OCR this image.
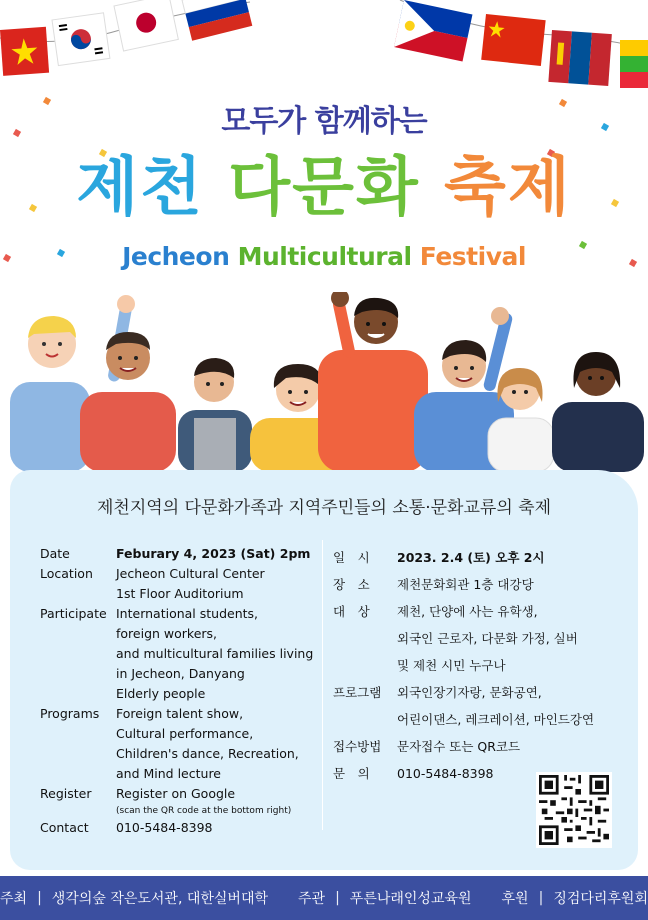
모두가 함께하는
제천 다문화 축제
Jecheon Multicultural Festival
제천지역의 다문화가족과 지역주민들의 소통·문화교류의 축제
Date	Feburary 4, 2023 (Sat) 2pm
Location	Jecheon Cultural Center
1st Floor Auditorium
Participate International students,
foreign workers,
and multicultural families living
in Jecheon, Danyang
Elderly people
Programs	Foreign talent show,
Cultural performance,
Children's dance, Recreation,
and Mind lecture
Register	Register on Google
(scan the QR code at the bottom right)
Contact	010-5484-8398
일　시	2023. 2.4 (토) 오후 2시
장　소	제천문화회관 1층 대강당
대　상	제천, 단양에 사는 유학생,
외국인 근로자, 다문화 가정, 실버
및 제천 시민 누구나
프로그램	외국인장기자랑, 문화공연,
어린이댄스, 레크레이션, 마인드강연
접수방법	문자접수 또는 QR코드
문　의	010-5484-8398
주최 | 생각의숲 작은도서관, 대한실버대학 주관 | 푸른나래인성교육원 후원 | 징검다리후원회
